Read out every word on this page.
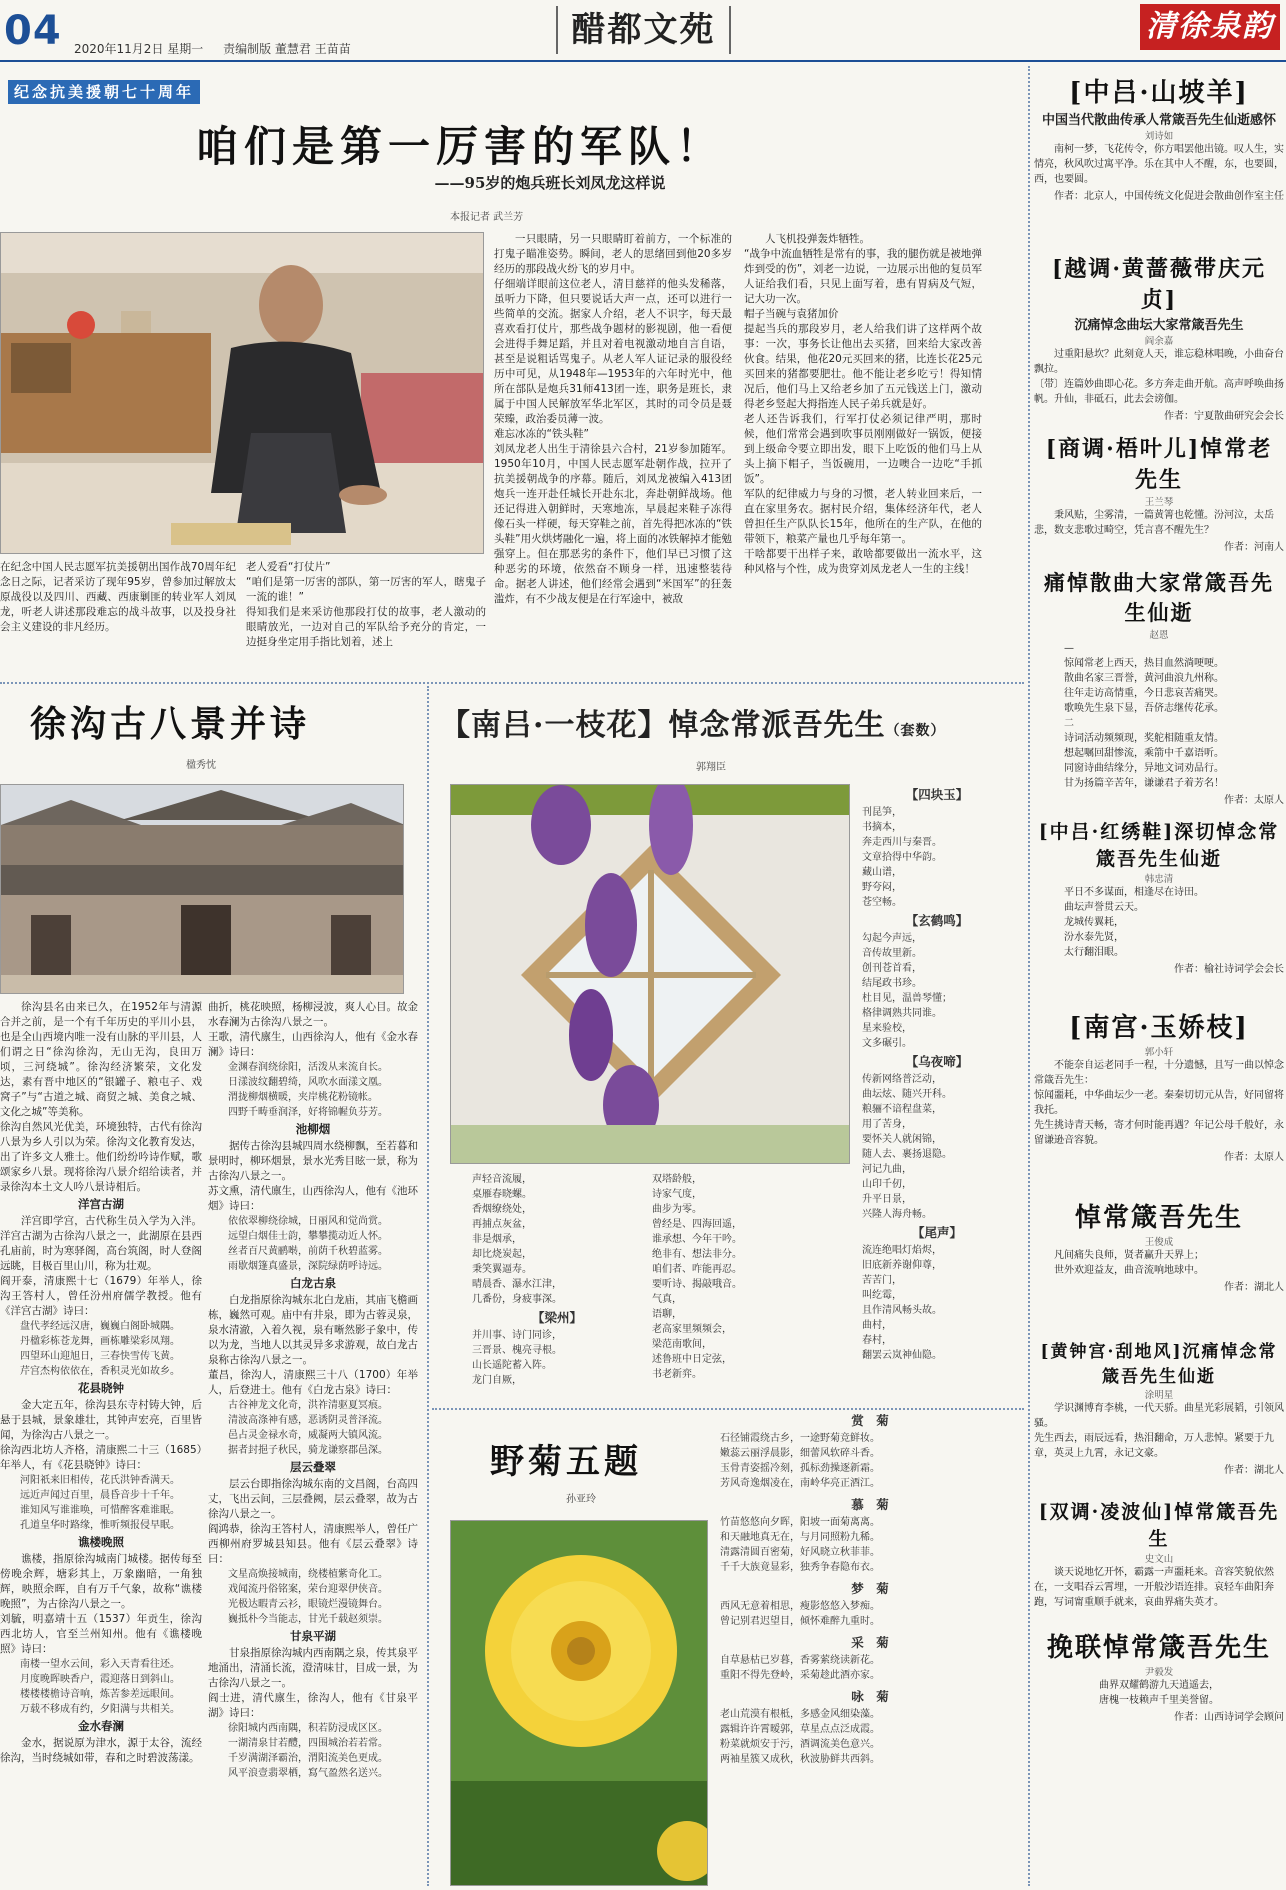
04 2020年11月2日 星期一 责编制版 董慧君 王苗苗	醋都文苑	清徐泉韵
纪念抗美援朝七十周年
咱们是第一厉害的军队！
——95岁的炮兵班长刘凤龙这样说
本报记者 武兰芳
在纪念中国人民志愿军抗美援朝出国作战70周年纪念日之际，记者采访了现年95岁，曾参加过解放太原战役以及四川、西藏、西康剿匪的转业军人刘凤龙，听老人讲述那段难忘的战斗故事，以及投身社会主义建设的非凡经历。
老人爱看“打仗片”
“咱们是第一厉害的部队，第一厉害的军人，瞎鬼子一流的谁！”
得知我们是来采访他那段打仗的故事，老人激动的眼睛放光，一边对自己的军队给予充分的肯定，一边挺身坐定用手指比划着，述上
一只眼睛，另一只眼睛盯着前方，一个标准的打鬼子瞄准姿势。瞬间，老人的思绪回到他20多岁经历的那段战火纷飞的岁月中。
仔细端详眼前这位老人，清目慈祥的他头发稀落，虽听力下降，但只要说话大声一点，还可以进行一些简单的交流。据家人介绍，老人不识字，每天最喜欢看打仗片，那些战争题材的影视剧，他一看便会进得手舞足蹈，并且对着电视激动地自言自语，甚至是说粗话骂鬼子。从老人军人证记录的服役经历中可见，从1948年—1953年的六年时光中，他所在部队是炮兵31师413团一连，职务是班长，隶属于中国人民解放军华北军区，其时的司令员是聂荣臻，政治委员薄一波。
难忘冰冻的“铁头鞋”
刘凤龙老人出生于清徐县六合村，21岁参加随军。1950年10月，中国人民志愿军赴朝作战，拉开了抗美援朝战争的序幕。随后，刘凤龙被编入413团炮兵一连开赴任城长开赴东北，奔赴朝鲜战场。他还记得进入朝鲜时，天寒地冻，早晨起来鞋子冻得像石头一样硬，每天穿鞋之前，首先得把冰冻的“铁头鞋”用火烘烤融化一遍，将上面的冰铁解掉才能勉强穿上。但在那恶劣的条件下，他们早已习惯了这种恶劣的环境，依然奋不顾身一样，迅速整装待命。据老人讲述，他们经常会遇到“米国军”的狂轰滥炸，有不少战友便是在行军途中，被敌
人飞机投弹轰炸牺牲。
“战争中流血牺牲是常有的事，我的腿伤就是被地弹炸到受的伤”，刘老一边说，一边展示出他的复员军人证给我们看，只见上面写着，患有胃病及气短，记大功一次。
帽子当碗与袁猪加价
提起当兵的那段岁月，老人给我们讲了这样两个故事：一次，事务长让他出去买猪，回来给大家改善伙食。结果，他花20元买回来的猪，比连长花25元买回来的猪都要肥壮。他不能让老乡吃亏！得知情况后，他们马上又给老乡加了五元钱送上门，激动得老乡竖起大拇指连人民子弟兵就是好。
老人还告诉我们，行军打仗必须记律严明，那时候，他们常常会遇到吹事员刚刚做好一锅饭，便接到上级命令要立即出发，眼下上吃饭的他们马上从头上摘下帽子，当饭碗用，一边噢合一边吃“手抓饭”。
军队的纪律威力与身的习惯，老人转业回来后，一直在家里务农。据村民介绍，集体经济年代，老人曾担任生产队队长15年，他所在的生产队，在他的带领下，粮菜产量也几乎每年第一。
干啥都要干出样子来，敢啥都要做出一流水平，这种风格与个性，成为贵穿刘凤龙老人一生的主线！
徐沟古八景并诗
楹秀忱
徐沟县名由来已久，在1952年与清源合并之前，是一个有千年历史的平川小县，也是全山西境内唯一没有山脉的平川县，人们谓之日“徐沟徐沟，无山无沟，良田万顷，三河绕城”。徐沟经济繁荣，文化发达，素有晋中地区的“银罐子、粮屯子、戏窝子”与“古道之城、商贸之城、美食之城、文化之城”等美称。
徐沟自然风光优美，环境独特，古代有徐沟八景为乡人引以为荣。徐沟文化教育发达，出了许多文人雅士。他们纷纷吟诗作赋，歌颂家乡八景。现将徐沟八景介绍给读者，并录徐沟本土文人吟八景诗相后。
洋宫古湖
洋宫即学宫，古代称生员入学为入泮。洋宫古湖为古徐沟八景之一，此湖原在县西孔庙前，时为寒驿阁，高台筑阁，时人登阁远眺，目极百里山川，称为壮观。
阎开泰，清康熙十七（1679）年举人，徐沟王答村人，曾任汾州府儒学教授。他有《洋宫古湖》诗曰：
盘代孝经远汉唐，巍巍白阁卧城隅。
丹楹彩栋苍龙舞，画栋雕梁彩凤翔。
四望环山迎旭日，三春快雪传飞黄。
芹宫杰构依依在，香积灵光如故乡。
花县晓钟
金大定五年，徐沟县东寺村铸大钟，后悬于县城，景象雄壮，其钟声宏亮，百里皆闻，为徐沟古八景之一。
徐沟西北坊人齐格，清康熙二十三（1685）年举人，有《花县晓钟》诗曰：
河阳祇来旧相传，花氏洪钟香满天。
远近声闻过百里，晨昏音步十千年。
谁知风写谁谁唤，可惜醉客难谁眠。
孔道皇华时路缘，惟听频报侵早眠。
谯楼晚照
谯楼，指原徐沟城南门城楼。据传每至傍晚余辉，塘彩其上，万象幽暗，一角独辉，映照余晖，自有万千气象，故称“谯楼晚照”，为古徐沟八景之一。
刘毓，明嘉靖十五（1537）年贡生，徐沟西北坊人，官至兰州知州。他有《谯楼晚照》诗曰：
南楼一望水云间，彩入天青看往还。
月度晚晖映香户，霞迎落日到斜山。
楼楼楼檐诗音响，炼苦参差远眼间。
万载不移成有约，夕阳满与共相关。
金水春澜
金水，据说原为津水，源于太谷，流经徐沟，当时绕城如带，春和之时碧波荡漾。
曲折，桃花映照，杨柳浸波，爽人心目。故金水春澜为古徐沟八景之一。
王歌，清代廪生，山西徐沟人，他有《金水春澜》诗曰：
金渊春润绕徐阳，活泼从来流自长。
日漾波纹翻碧绮，风吹水面漾文凰。
渭拢柳烟横暖，夹岸桃花粉镜帐。
四野千畴垂润泽，好将锦幄负芬芳。
池柳烟
据传古徐沟县城四周水绕柳飘，至若暮和景明时，柳环烟景，景水光秀目眩一景，称为古徐沟八景之一。
苏文熏，清代廪生，山西徐沟人，他有《池环烟》诗曰：
依依翠柳绕徐城，日丽风和觉尚赏。
远望白烟佳士韵，攀攀揽动近人怀。
丝者百尺黄鹂啭，前荫千秋碧蓝雾。
雨歇烟篷真盛景，深院绿荫呼诗远。
白龙古泉
白龙指原徐沟城东北白龙庙，其庙飞檐画栋，巍然可观。庙中有井泉，即为古蓉灵泉，泉水清澈，入着久视，泉有晰然影子象中，传以为龙，当地人以其灵异多求游观，故白龙古泉称古徐沟八景之一。
董昌，徐沟人，清康熙三十八（1700）年举人，后登进士。他有《白龙古泉》诗曰：
古谷神龙文化奇，洪祚清驱夏冥痕。
清波高涤神有感，恶诱阴灵普泽流。
邑占灵金禄水奇，威凝两大镇风流。
据者封挹子秋民，骑龙谦察郡邑深。
层云叠翠
层云台即指徐沟城东南的文昌阁，台高四丈，飞出云间，三层叠阙，层云叠翠，故为古徐沟八景之一。
阎鸿恭，徐沟王答村人，清康熙举人，曾任广西柳州府罗城县知县。他有《层云叠翠》诗曰：
文星高焕接城南，绕楼植紫奇化工。
戏闻流丹俗铭案，荣台迎翠伊侠音。
光极达暇青云衫，眼镜烂漫镜舞台。
巍抵朴今当能志，甘光千载赵须崇。
甘泉平湖
甘泉指原徐沟城内西南隅之泉，传其泉平地涌出，清涌长流，澄清味甘，目成一景，为古徐沟八景之一。
阎士进，清代廪生，徐沟人，他有《甘泉平湖》诗曰：
徐阳城内西南隅，积若防浸成区区。
一湖清泉甘若醴，四围城治若若常。
千岁满湖泽霸治，渭阳流美色更成。
风平浪壹翡翠栖，寫气盈然名送兴。
【南吕·一枝花】悼念常派吾先生（套数）
郭翔臣
【四块玉】
刊昆笋，
书摘本，
奔走西川与秦晋。
文章拾得中华韵。
藏山谱，
野夸闷，
苍空畅。
【玄鹤鸣】
勾起今声远，
音传故里新。
创刊苍首看，
结尾政书珍。
杜目见，温兽琴懂；
格律调熟共同谁。
星来验校，
文多碾引。
【乌夜啼】
传新网络普泛动，
曲坛炫、随兴开科。
粮骊不谙程盘菜，
用了苦身，
要怀关人就闲锦，
随人去、裹扬退隐。
河记九曲，
山印千仞，
升平日景，
兴隆人海舟畅。
【尾声】
流连绝唱灯焰烬，
旧底新养谢仰尊，
苦苦门，
叫纥霉，
且作清风畅头故。
曲村，
春村，
翻罢云岚神仙隐。
声轻音流履，
桌雁春晓螺。
香烟缭绕处，
再捕点灰盆，
非是烟承，
却比烧炭起，
秉笑翼逼寿。
晴晨香、瀑水江津，
几番份，身疲事深。
【梁州】
并川事、诗门同诊，
三晋景、槐亮寻根。
山长遥陀蓄入阵。
龙门自厥，
双塔龄般，
诗家气度，
曲步为零。
曾经是、四海回遥，
谁承想、今年干吟。
绝非有、想法非分。
咱们者、咋能再忍。
要听诗、揭敲哦音。
气真，
语聊，
老高家里频频会，
梁范南歌间，
述鲁班中日定弦，
书老新弈。
野菊五题
孙亚玲
赏　菊
石径铺霞绕古乡，一途野菊竞鲜妆。
嫩蕊云丽浮晨影，细蕾风软碎斗香。
玉骨青姿摇冷刻，孤标劲操逐新霜。
芳风奇逸烟凌在，南岭华亮正酒江。
慕　菊
竹苗悠悠向夕晖，阳坡一面菊离离。
和天融地真无在，与月同照粉九稀。
清露清圆百密菊，好风晓立秋菲菲。
千千大族竟显彩，独秀争春隐布衣。
梦　菊
西风无意着相思，瘦影悠悠入梦痴。
曾记别君迟望目，倾怀难醉九重时。
采　菊
自草悬枯已岁暮，香雾萦绕读新花。
重阳不得先登岭，采菊趁此酒亦家。
咏　菊
老山荒漠有根柢，多感金风细染藻。
露辑许许霄暧郭，草星点点泛成霞。
粉菜就烦安于污，酒调流美色意兴。
两袖星簇又成秋，秋波胁鲜共西斜。
[中吕·山坡羊]
中国当代散曲传承人常箴吾先生仙逝感怀
刘诗如
南柯一梦，飞花传令，你方唱罢他出镜。叹人生，实情亮，秋风吹过寓平净。乐在其中人不醒，东，也要圆，西，也要圆。
作者：北京人，中国传统文化促进会散曲创作室主任
[越调·黄蔷薇带庆元贞]
沉痛悼念曲坛大家常箴吾先生
阎余嘉
过重阳悬坎？此刻竟人天，谁忘稳林唱晚，小曲奋台飘拉。
〔带〕连篇妙曲即心花。多方奔走曲开航。高声呼唤曲扬帆。升仙，非砥石，此去会谤伽。
作者：宁夏散曲研究会会长
[商调·梧叶儿]悼常老先生
王兰琴
秉风贴，尘雾清，一篇黄箐也乾懂。汾河泣，太岳悲，数支悲歌过畸空，凭言喜不醒先生？
作者：河南人
痛悼散曲大家常箴吾先生仙逝
赵恩
—
惊闻常老上西天，热目血然淌哽哽。
散曲名家三晋誉，黄河曲浪九州称。
往年走访高情重，今日悲哀苦痛哭。
歌唤先生泉下显，吾侪志继传花承。
二
诗词活动频频现，奖舵相随重友情。
想起嘱回甜惨流，乘箭中千嘉语听。
同窗诗曲结缘分，异地文词劝品行。
甘为扬篇辛苦年，谦谦君子着芳名！
作者：太原人
[中吕·红绣鞋]深切悼念常箴吾先生仙逝
韩忠清
平日不多谋面，相逢尽在诗田。
曲坛声誉贯云天。
龙城传翼耗，
汾水泰先贤，
太行翻泪眼。
作者：榆社诗词学会会长
[南宫·玉娇枝]
郭小轩
不能奈自运老同手一程，十分遗憾，且写一曲以悼念常箴吾先生：
惊闻噩耗，中华曲坛少一老。秦秦切切元从告，好同留将我托。
先生挑诗青天畅，寄才何时能再遇？年记公母千般好，永留谦逊音容貌。
作者：太原人
悼常箴吾先生
王俊成
凡间痛失良师，贤者赢升天界上；
世外欢迎益友，曲音流响地球中。
作者：湖北人
[黄钟宫·刮地风]沉痛悼念常箴吾先生仙逝
涂明星
学识渊博育李桃，一代天骄。曲星光彩展韬，引领风骚。
先生西去，雨辰远看，热泪翻命，万人悲悼。紧要于九章，英灵上九霄，永记文豪。
作者：湖北人
[双调·凌波仙]悼常箴吾先生
史文山
谈天说地忆开怀，霸露一声噩耗来。音容笑貌依然在，一支唱吞云霄埋，一开般沙语连排。哀轻车曲阳奔跑，写词甯重顺手就来，哀曲界痛失英才。
挽联悼常箴吾先生
尹毅发
曲界双耀鹤游九天逍遥去，
唐槐一枝赖声千里美誉留。
作者：山西诗词学会顾问
